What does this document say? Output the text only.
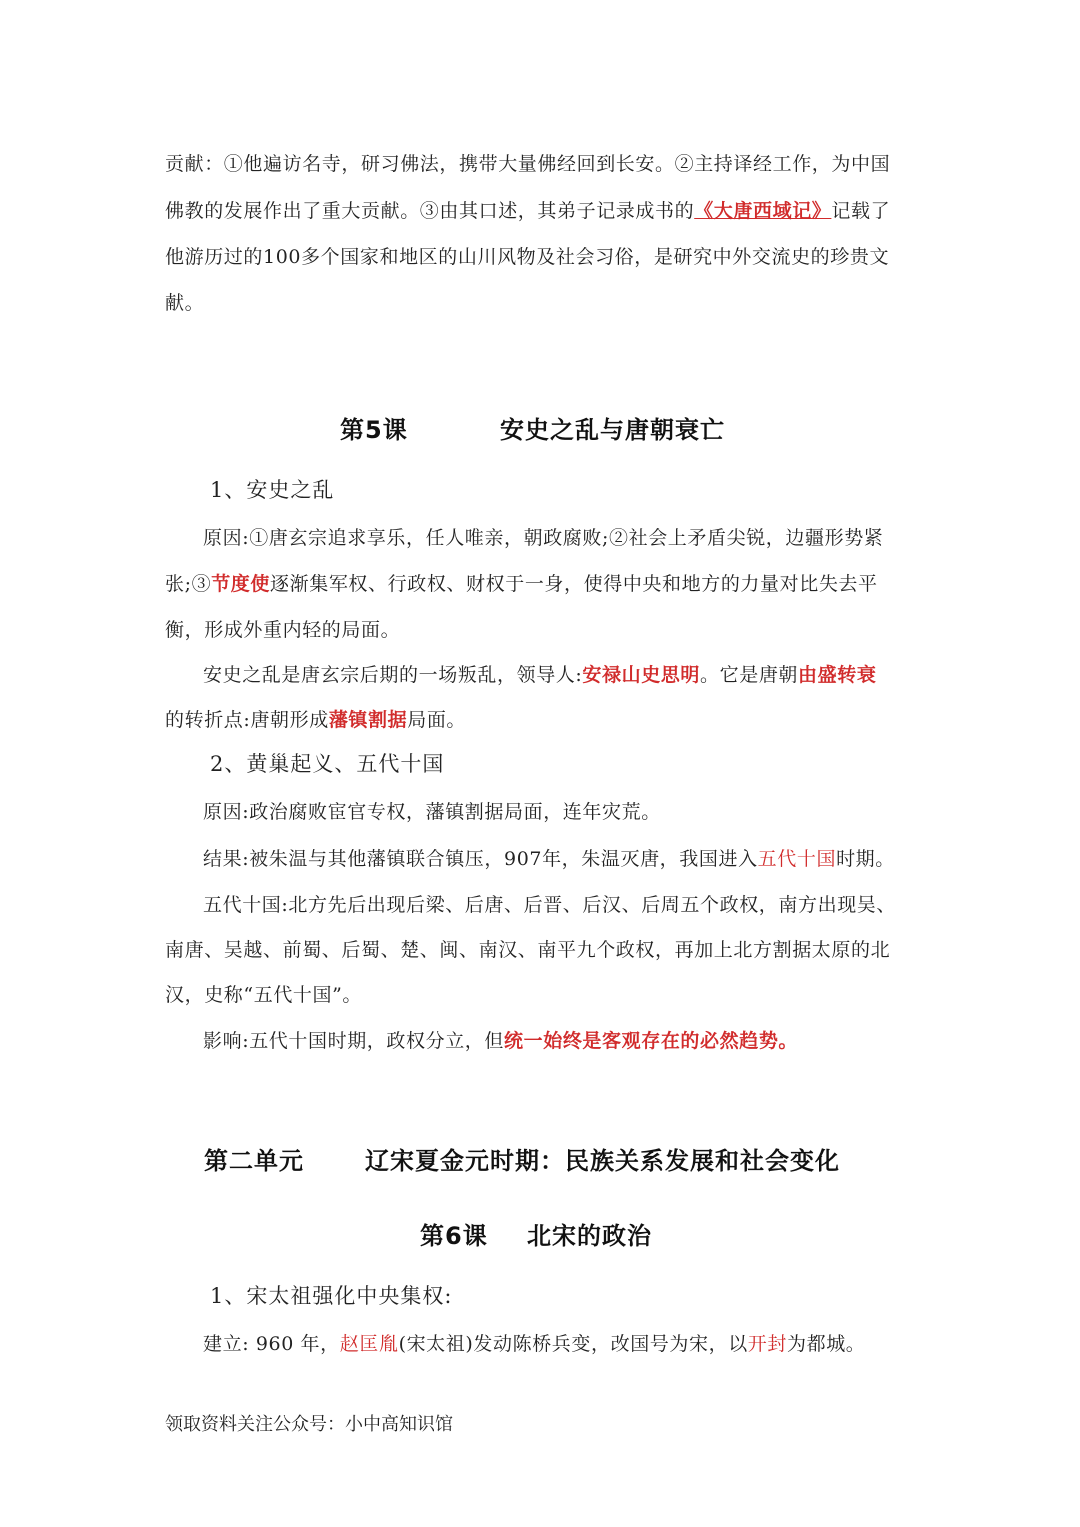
贡献：①他遍访名寺，研习佛法，携带大量佛经回到长安。②主持译经工作，为中国
佛教的发展作出了重大贡献。③由其口述，其弟子记录成书的《大唐西域记》记载了
他游历过的100多个国家和地区的山川风物及社会习俗，是研究中外交流史的珍贵文
献。
第5课	安史之乱与唐朝衰亡
1、安史之乱
原因:①唐玄宗追求享乐，任人唯亲，朝政腐败;②社会上矛盾尖锐，边疆形势紧
张;③节度使逐渐集军权、行政权、财权于一身，使得中央和地方的力量对比失去平
衡，形成外重内轻的局面。
安史之乱是唐玄宗后期的一场叛乱，领导人:安禄山史思明。它是唐朝由盛转衰
的转折点:唐朝形成藩镇割据局面。
2、黄巢起义、五代十国
原因:政治腐败宦官专权，藩镇割据局面，连年灾荒。
结果:被朱温与其他藩镇联合镇压，907年，朱温灭唐，我国进入五代十国时期。
五代十国:北方先后出现后梁、后唐、后晋、后汉、后周五个政权，南方出现吴、
南唐、吴越、前蜀、后蜀、楚、闽、南汉、南平九个政权，再加上北方割据太原的北
汉，史称“五代十国”。
影响:五代十国时期，政权分立，但统一始终是客观存在的必然趋势。
第二单元	辽宋夏金元时期：民族关系发展和社会变化
第6课 北宋的政治
1、宋太祖强化中央集权:
建立: 960 年，赵匡胤(宋太祖)发动陈桥兵变，改国号为宋，以开封为都城。
领取资料关注公众号：小中高知识馆
